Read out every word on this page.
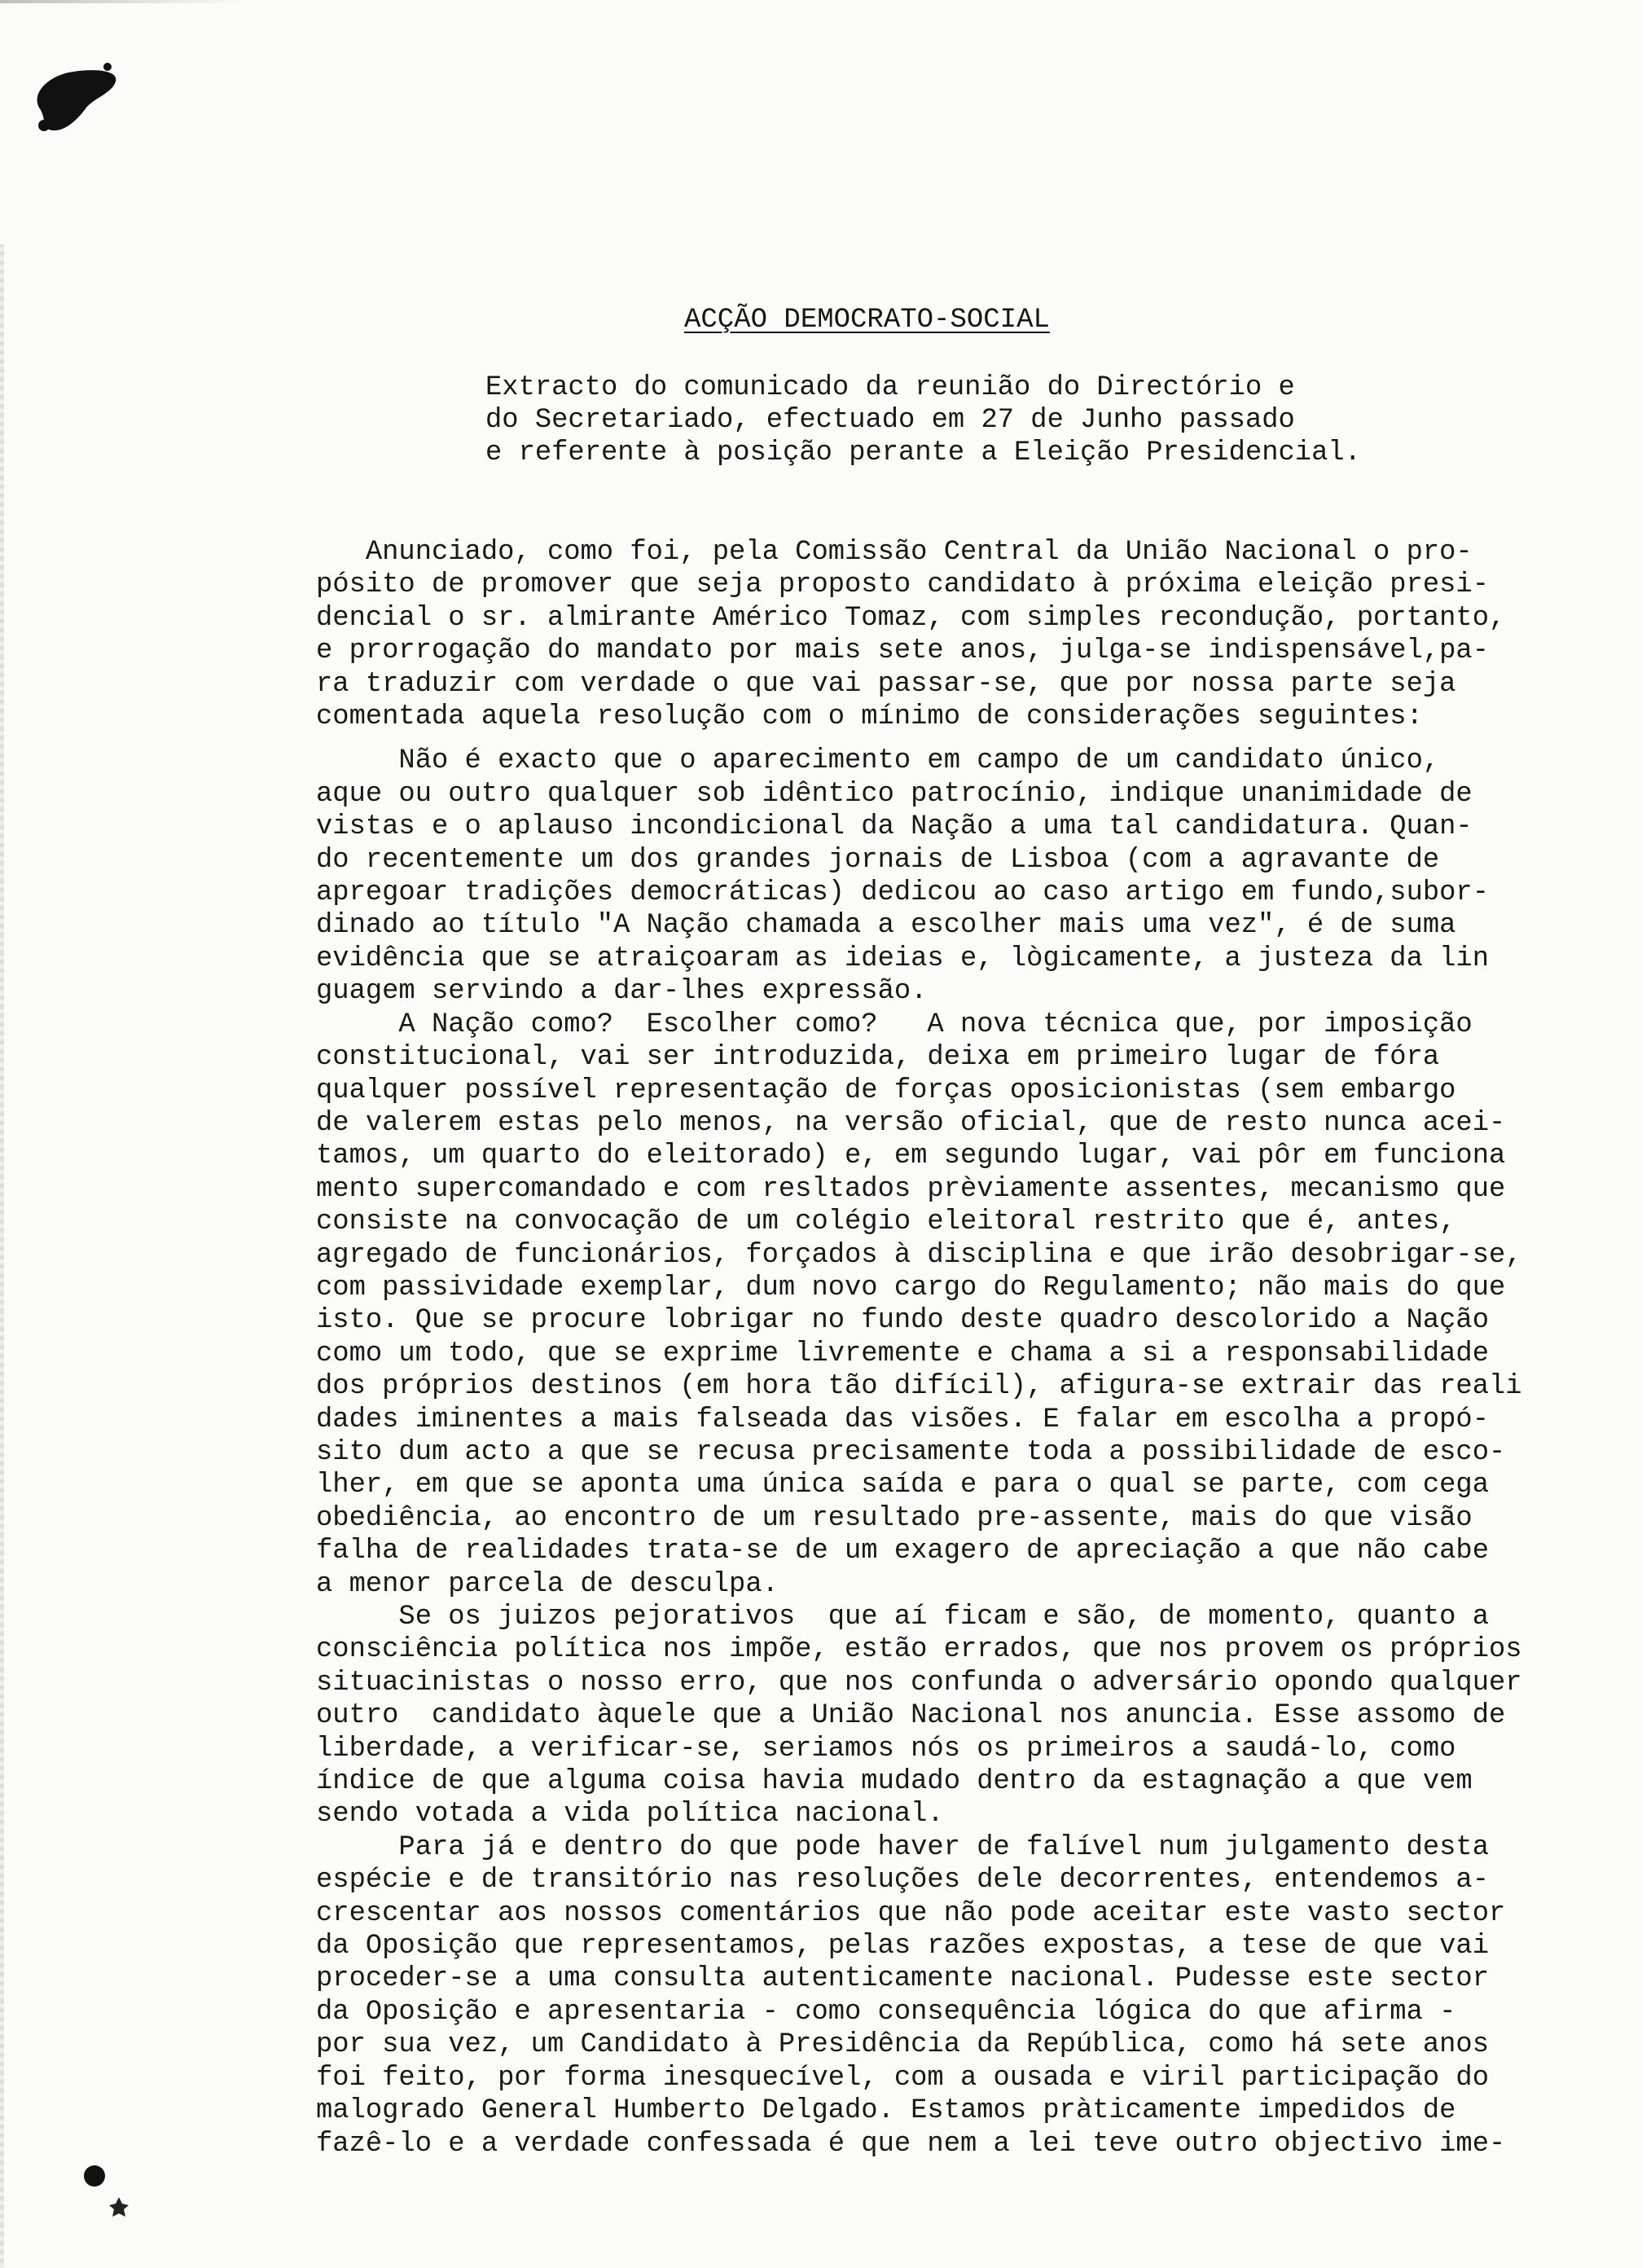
ACÇÃO DEMOCRATO-SOCIAL

Extracto do comunicado da reunião do Directório e
do Secretariado, efectuado em 27 de Junho passado
e referente à posição perante a Eleição Presidencial.

Anunciado, como foi, pela Comissão Central da União Nacional o pro-
pósito de promover que seja proposto candidato à próxima eleição presi-
dencial o sr. almirante Américo Tomaz, com simples recondução, portanto,
e prorrogação do mandato por mais sete anos, julga-se indispensável,pa-
ra traduzir com verdade o que vai passar-se, que por nossa parte seja
comentada aquela resolução com o mínimo de considerações seguintes:

Não é exacto que o aparecimento em campo de um candidato único,
aque ou outro qualquer sob idêntico patrocínio, indique unanimidade de
vistas e o aplauso incondicional da Nação a uma tal candidatura. Quan-
do recentemente um dos grandes jornais de Lisboa (com a agravante de
apregoar tradições democráticas) dedicou ao caso artigo em fundo,subor-
dinado ao título "A Nação chamada a escolher mais uma vez", é de suma
evidência que se atraiçoaram as ideias e, lògicamente, a justeza da lin
guagem servindo a dar-lhes expressão.

A Nação como?  Escolher como?   A nova técnica que, por imposição
constitucional, vai ser introduzida, deixa em primeiro lugar de fóra
qualquer possível representação de forças oposicionistas (sem embargo
de valerem estas pelo menos, na versão oficial, que de resto nunca acei-
tamos, um quarto do eleitorado) e, em segundo lugar, vai pôr em funciona
mento supercomandado e com resltados prèviamente assentes, mecanismo que
consiste na convocação de um colégio eleitoral restrito que é, antes,
agregado de funcionários, forçados à disciplina e que irão desobrigar-se,
com passividade exemplar, dum novo cargo do Regulamento; não mais do que
isto. Que se procure lobrigar no fundo deste quadro descolorido a Nação
como um todo, que se exprime livremente e chama a si a responsabilidade
dos próprios destinos (em hora tão difícil), afigura-se extrair das reali
dades iminentes a mais falseada das visões. E falar em escolha a propó-
sito dum acto a que se recusa precisamente toda a possibilidade de esco-
lher, em que se aponta uma única saída e para o qual se parte, com cega
obediência, ao encontro de um resultado pre-assente, mais do que visão
falha de realidades trata-se de um exagero de apreciação a que não cabe
a menor parcela de desculpa.

Se os juizos pejorativos  que aí ficam e são, de momento, quanto a
consciência política nos impõe, estão errados, que nos provem os próprios
situacinistas o nosso erro, que nos confunda o adversário opondo qualquer
outro  candidato àquele que a União Nacional nos anuncia. Esse assomo de
liberdade, a verificar-se, seriamos nós os primeiros a saudá-lo, como
índice de que alguma coisa havia mudado dentro da estagnação a que vem
sendo votada a vida política nacional.

Para já e dentro do que pode haver de falível num julgamento desta
espécie e de transitório nas resoluções dele decorrentes, entendemos a-
crescentar aos nossos comentários que não pode aceitar este vasto sector
da Oposição que representamos, pelas razões expostas, a tese de que vai
proceder-se a uma consulta autenticamente nacional. Pudesse este sector
da Oposição e apresentaria - como consequência lógica do que afirma -
por sua vez, um Candidato à Presidência da República, como há sete anos
foi feito, por forma inesquecível, com a ousada e viril participação do
malogrado General Humberto Delgado. Estamos pràticamente impedidos de
fazê-lo e a verdade confessada é que nem a lei teve outro objectivo ime-
